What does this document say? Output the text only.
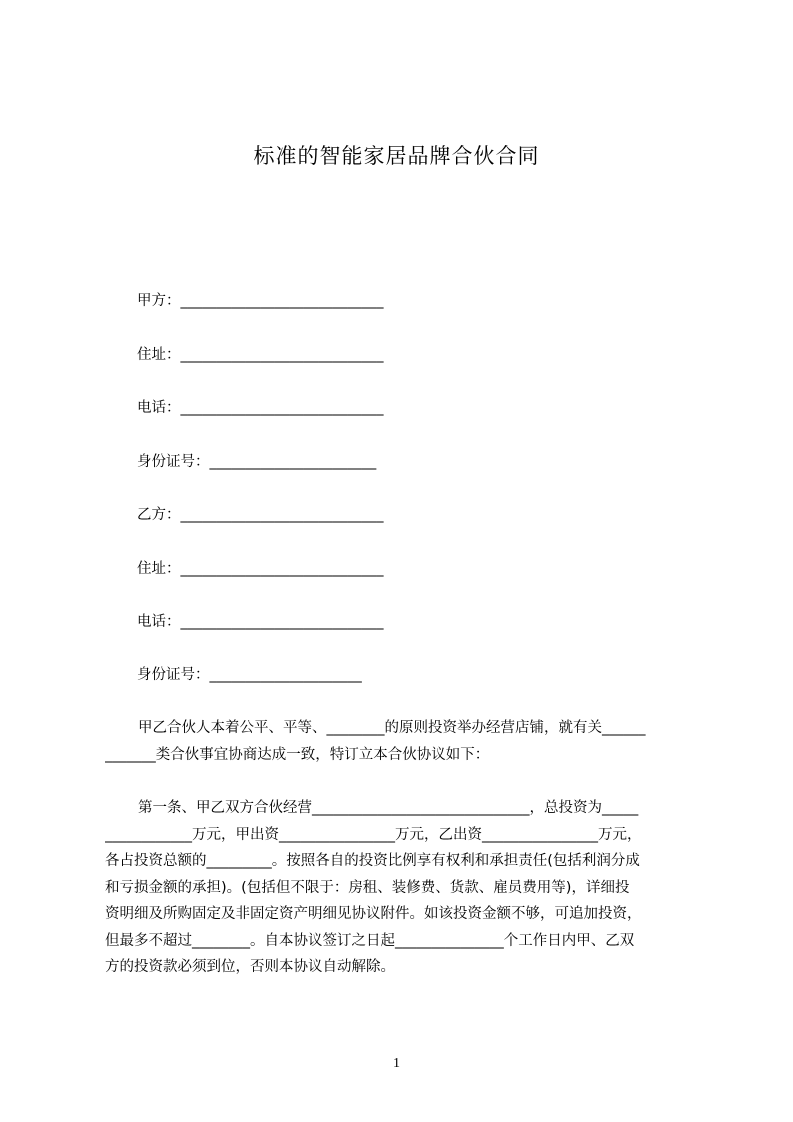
标准的智能家居品牌合伙合同
甲方：____________________________
住址：____________________________
电话：____________________________
身份证号：_______________________
乙方：____________________________
住址：____________________________
电话：____________________________
身份证号：_____________________
甲乙合伙人本着公平、平等、________的原则投资举办经营店铺，就有关______
_______类合伙事宜协商达成一致，特订立本合伙协议如下：
第一条、甲乙双方合伙经营______________________________，总投资为_____
____________万元，甲出资________________万元，乙出资________________万元，
各占投资总额的_________。按照各自的投资比例享有权利和承担责任(包括利润分成
和亏损金额的承担)。(包括但不限于：房租、装修费、货款、雇员费用等)，详细投
资明细及所购固定及非固定资产明细见协议附件。如该投资金额不够，可追加投资，
但最多不超过________。自本协议签订之日起_______________个工作日内甲、乙双
方的投资款必须到位，否则本协议自动解除。
1
